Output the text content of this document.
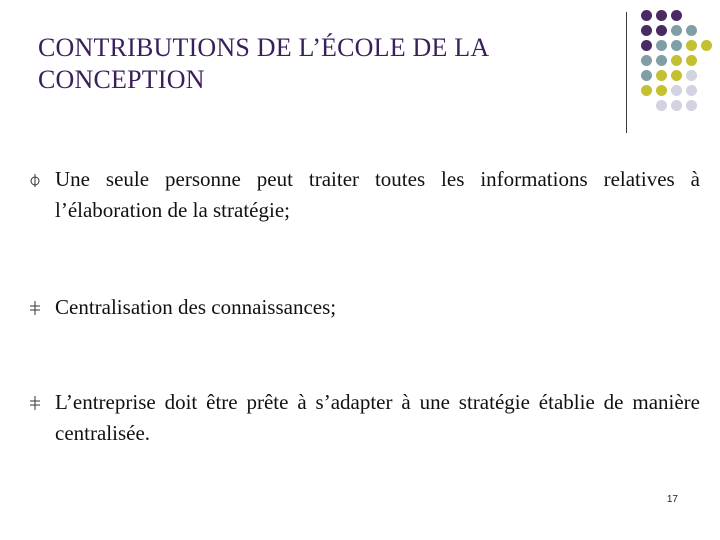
CONTRIBUTIONS DE L’ÉCOLE DE LA
CONCEPTION
Une seule personne peut traiter toutes les informations relatives à l’élaboration de la stratégie;
Centralisation des connaissances;
L’entreprise doit être prête à s’adapter à une stratégie établie de manière centralisée.
17
